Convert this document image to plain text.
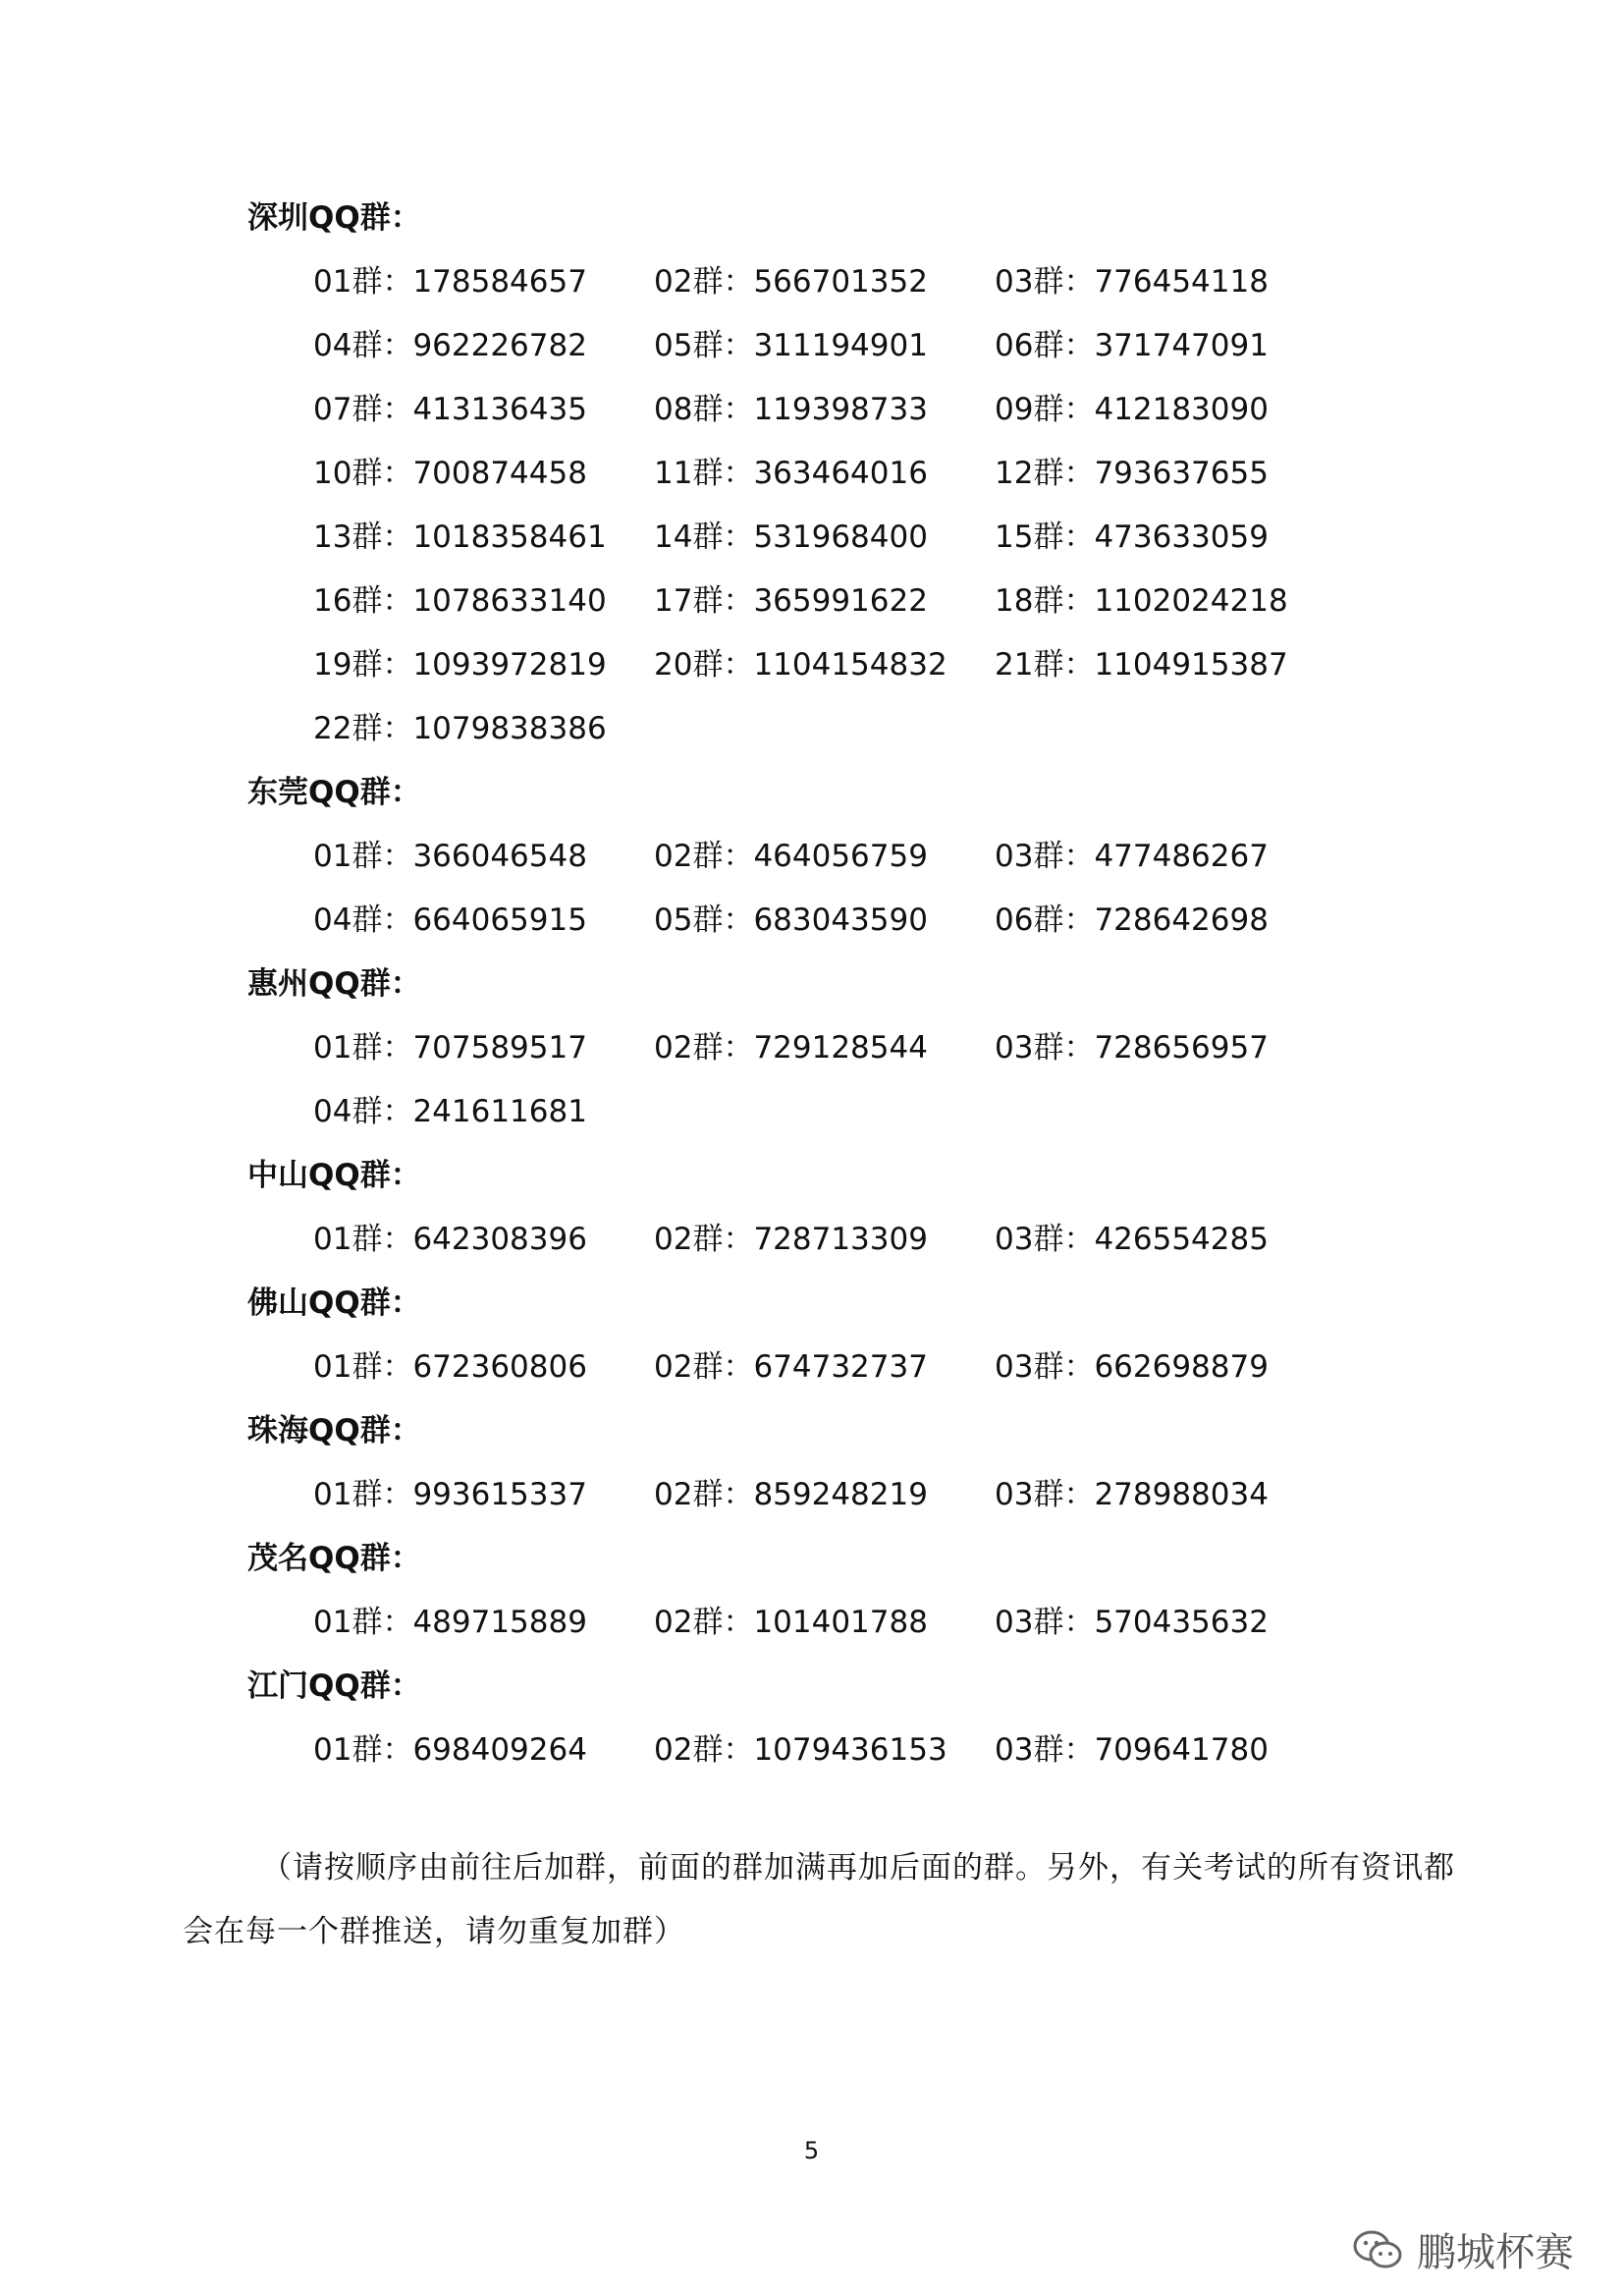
深圳QQ群：
01群：178584657	02群：566701352	03群：776454118
04群：962226782	05群：311194901	06群：371747091
07群：413136435	08群：119398733	09群：412183090
10群：700874458	11群：363464016	12群：793637655
13群：1018358461	14群：531968400	15群：473633059
16群：1078633140	17群：365991622	18群：1102024218
19群：1093972819	20群：1104154832	21群：1104915387
22群：1079838386
东莞QQ群：
01群：366046548	02群：464056759	03群：477486267
04群：664065915	05群：683043590	06群：728642698
惠州QQ群：
01群：707589517	02群：729128544	03群：728656957
04群：241611681
中山QQ群：
01群：642308396	02群：728713309	03群：426554285
佛山QQ群：
01群：672360806	02群：674732737	03群：662698879
珠海QQ群：
01群：993615337	02群：859248219	03群：278988034
茂名QQ群：
01群：489715889	02群：101401788	03群：570435632
江门QQ群：
01群：698409264	02群：1079436153	03群：709641780
（请按顺序由前往后加群，前面的群加满再加后面的群。另外，有关考试的所有资讯都会在每一个群推送，请勿重复加群）
5
鹏城杯赛
